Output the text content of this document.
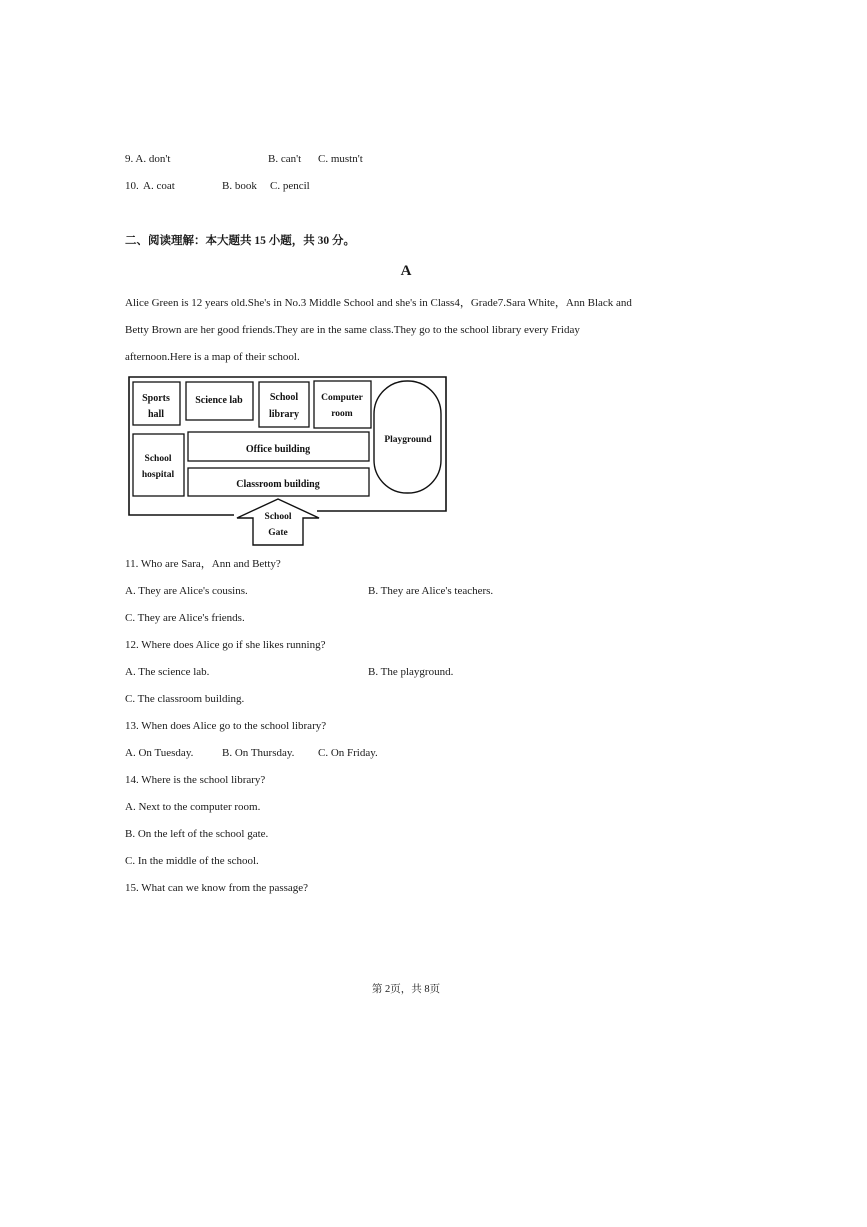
9. A. don't	B. can't C. mustn't
10. A. coat	B. book C. pencil
二、阅读理解：本大题共 15 小题，共 30 分。
A
Alice Green is 12 years old.She's in No.3 Middle School and she's in Class4，Grade7.Sara White，Ann Black and
Betty Brown are her good friends.They are in the same class.They go to the school library every Friday
afternoon.Here is a map of their school.
Sports
hall
Science lab	School
library
Computer
room
Playground
School
hospital
Office building
Classroom building
School
Gate
11. Who are Sara，Ann and Betty?
A. They are Alice's cousins.	B. They are Alice's teachers.
C. They are Alice's friends.
12. Where does Alice go if she likes running?
A. The science lab.	B. The playground.
C. The classroom building.
13. When does Alice go to the school library?
A. On Tuesday.	B. On Thursday. C. On Friday.
14. Where is the school library?
A. Next to the computer room.
B. On the left of the school gate.
C. In the middle of the school.
15. What can we know from the passage?
第 2页，共 8页
